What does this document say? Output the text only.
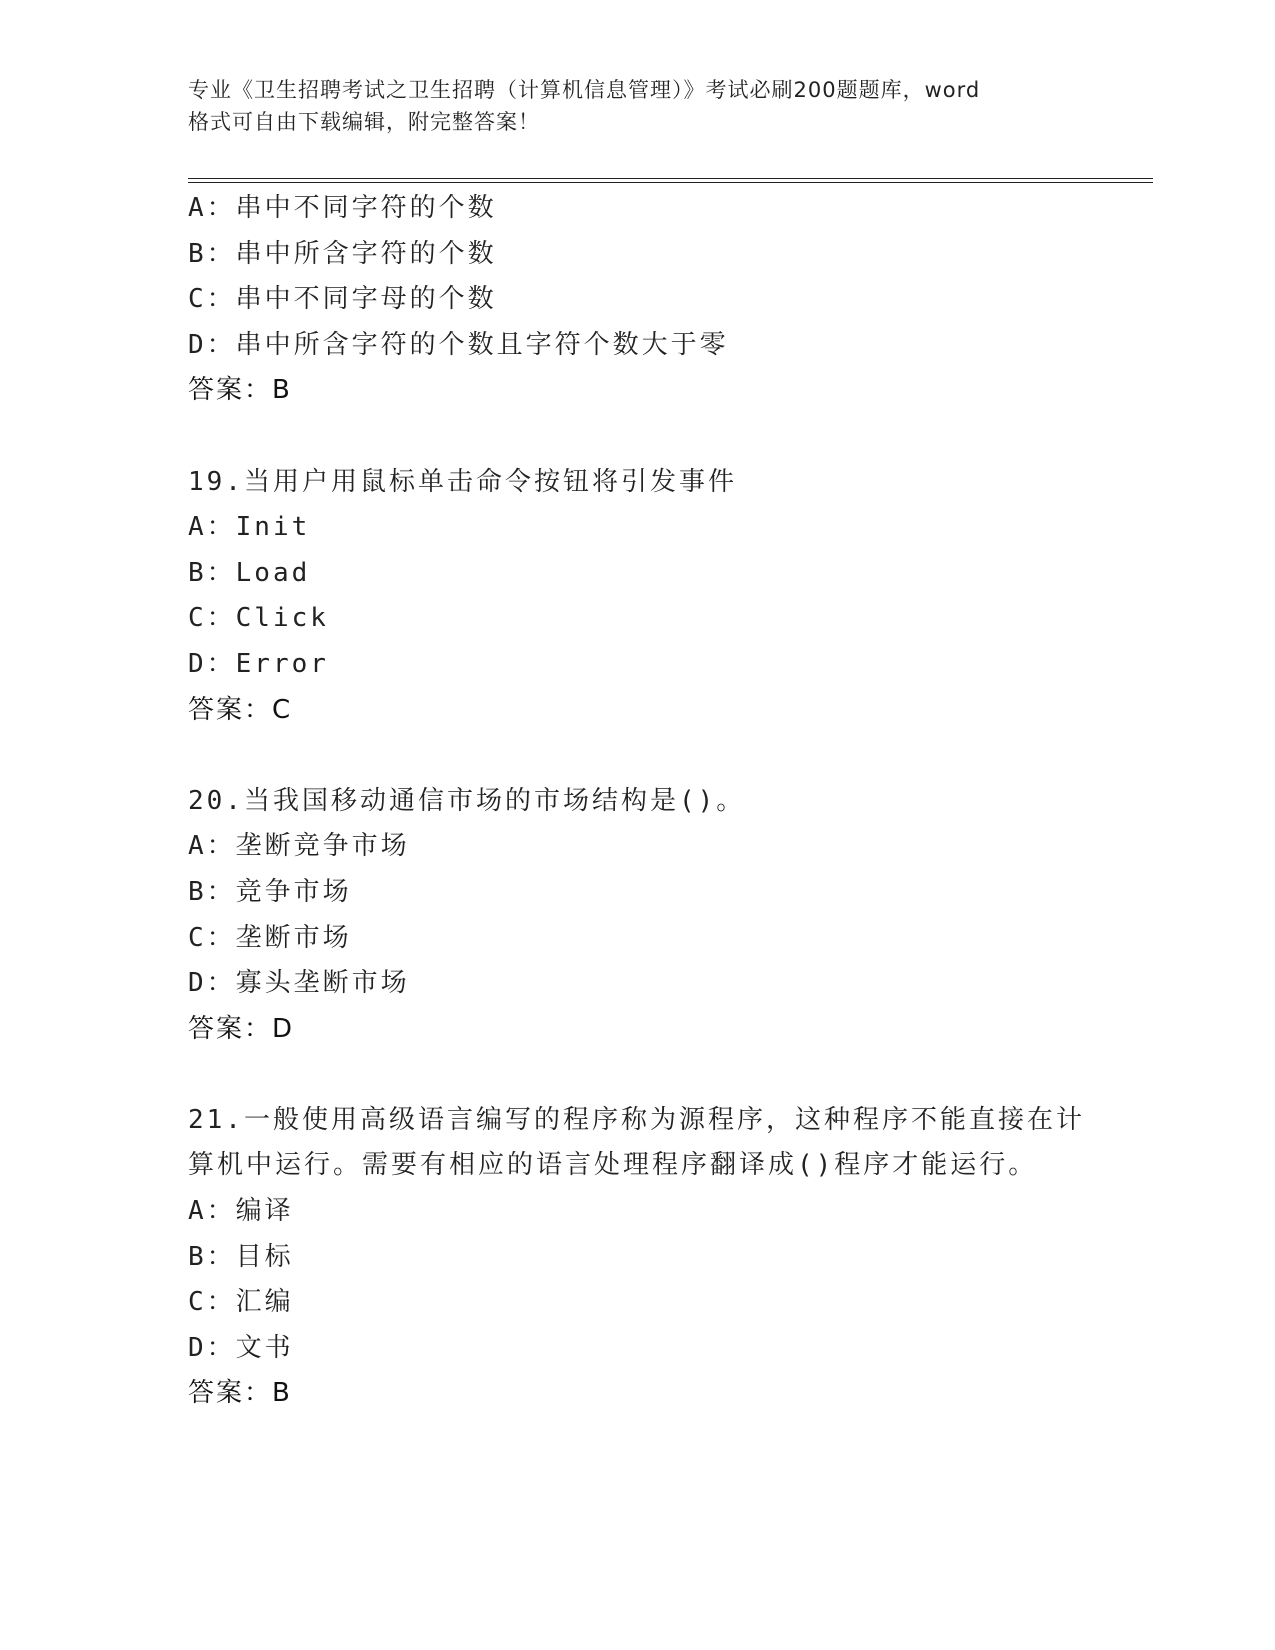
专业《卫生招聘考试之卫生招聘（计算机信息管理）》考试必刷200题题库，word
格式可自由下载编辑，附完整答案！
A：串中不同字符的个数
B：串中所含字符的个数
C：串中不同字母的个数
D：串中所含字符的个数且字符个数大于零
答案：B
19.当用户用鼠标单击命令按钮将引发事件
A：Init
B：Load
C：Click
D：Error
答案：C
20.当我国移动通信市场的市场结构是()。
A：垄断竞争市场
B：竞争市场
C：垄断市场
D：寡头垄断市场
答案：D
21.一般使用高级语言编写的程序称为源程序，这种程序不能直接在计
算机中运行。需要有相应的语言处理程序翻译成()程序才能运行。
A：编译
B：目标
C：汇编
D：文书
答案：B
